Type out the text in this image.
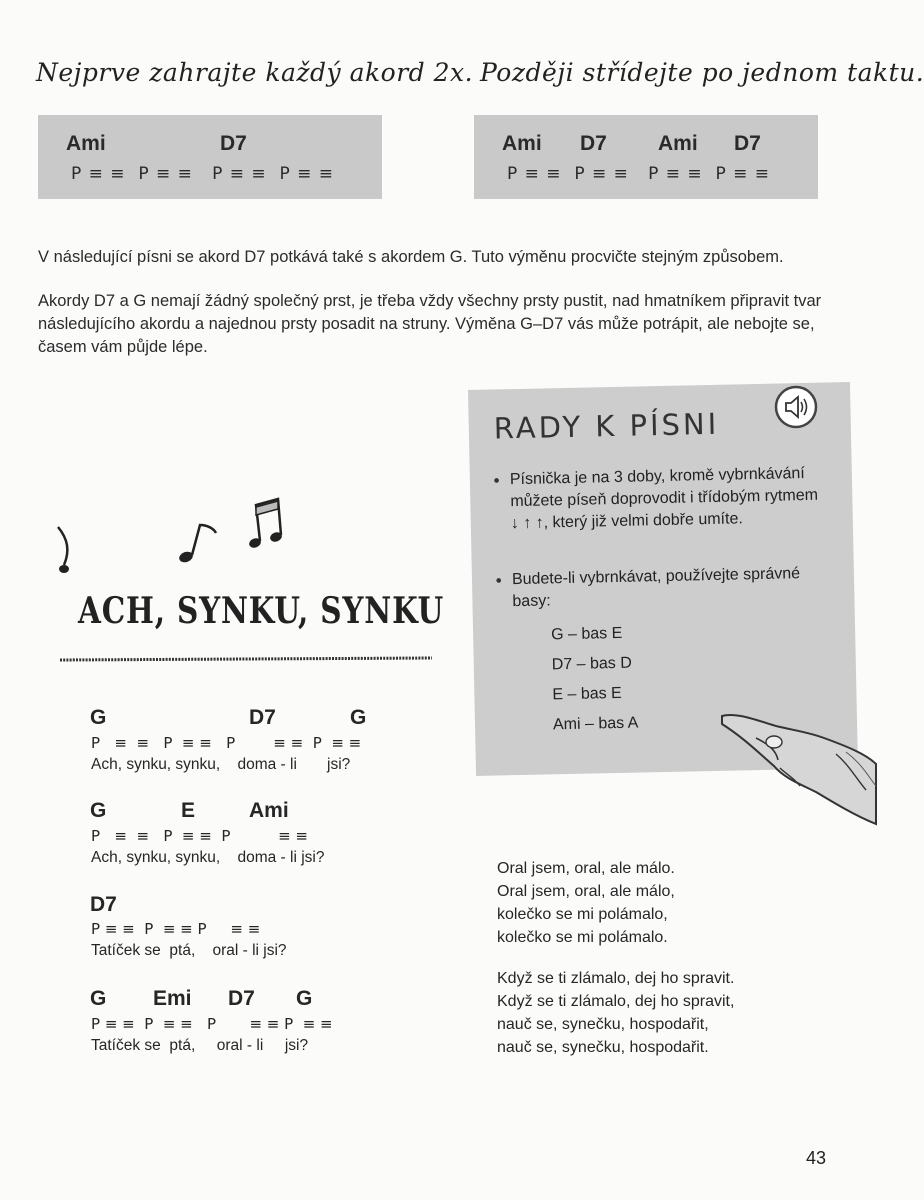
Nejprve zahrajte každý akord 2x. Později střídejte po jednom taktu.
Ami	D7
P ≡ ≡  P ≡ ≡   P ≡ ≡  P ≡ ≡
Ami D7 Ami D7
P ≡ ≡  P ≡ ≡   P ≡ ≡  P ≡ ≡
V následující písni se akord D7 potkává také s akordem G. Tuto výměnu procvičte stejným způsobem.
Akordy D7 a G nemají žádný společný prst, je třeba vždy všechny prsty pustit, nad hmatníkem připravit tvar následujícího akordu a najednou prsty posadit na struny. Výměna G–D7 vás může potrápit, ale nebojte se, časem vám půjde lépe.
RADY K PÍSNI
• Písnička je na 3 doby, kromě vybrnkávání můžete píseň doprovodit i třídobým rytmem ↓ ↑ ↑, který již velmi dobře umíte.
• Budete-li vybrnkávat, používejte správné basy:
G – bas E
D7 – bas D
E – bas E
Ami – bas A
ACH, SYNKU, SYNKU
G	D7	G
P   ≡  ≡   P  ≡ ≡   P        ≡ ≡  P  ≡ ≡
Ach, synku, synku,    doma - li       jsi?
G	E	Ami
P   ≡  ≡   P  ≡ ≡  P          ≡ ≡
Ach, synku, synku,    doma - li jsi?
D7
P ≡ ≡  P  ≡ ≡ P     ≡ ≡
Tatíček se  ptá,    oral - li jsi?
G Emi D7 G
P ≡ ≡  P  ≡ ≡   P       ≡ ≡ P  ≡ ≡
Tatíček se  ptá,     oral - li     jsi?
Oral jsem, oral, ale málo.
Oral jsem, oral, ale málo,
kolečko se mi polámalo,
kolečko se mi polámalo.
Když se ti zlámalo, dej ho spravit.
Když se ti zlámalo, dej ho spravit,
nauč se, synečku, hospodařit,
nauč se, synečku, hospodařit.
43
